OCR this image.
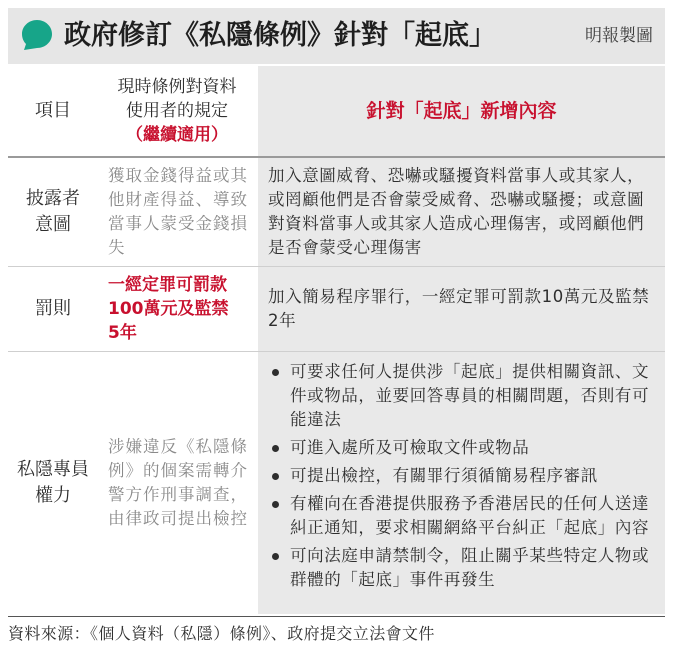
政府修訂《私隱條例》針對「起底」	明報製圖
項目
現時條例對資料
使用者的規定
（繼續適用）
針對「起底」新增內容
披露者
意圖
獲取金錢得益或其他財產得益、導致當事人蒙受金錢損失
加入意圖威脅、恐嚇或騷擾資料當事人或其家人，或罔顧他們是否會蒙受威脅、恐嚇或騷擾；或意圖對資料當事人或其家人造成心理傷害，或罔顧他們是否會蒙受心理傷害
罰則
一經定罪可罰款
100萬元及監禁
5年
加入簡易程序罪行，一經定罪可罰款10萬元及監禁2年
私隱專員
權力
涉嫌違反《私隱條例》的個案需轉介警方作刑事調查，由律政司提出檢控
可要求任何人提供涉「起底」提供相關資訊、文件或物品，並要回答專員的相關問題，否則有可能違法
可進入處所及可檢取文件或物品
可提出檢控，有關罪行須循簡易程序審訊
有權向在香港提供服務予香港居民的任何人送達糾正通知，要求相關網絡平台糾正「起底」內容
可向法庭申請禁制令，阻止關乎某些特定人物或群體的「起底」事件再發生
資料來源：《個人資料（私隱）條例》、政府提交立法會文件
